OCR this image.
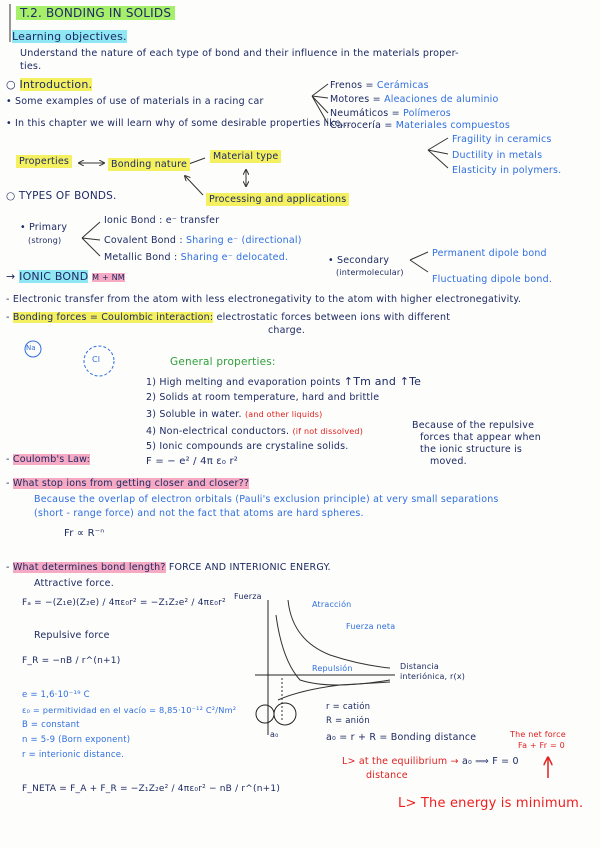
T.2. BONDING IN SOLIDS
Learning objectives.
Understand the nature of each type of bond and their influence in the materials proper-
ties.
○ Introduction.
• Some examples of use of materials in a racing car
• In this chapter we will learn why of some desirable properties like...
Frenos = Cerámicas
Motores = Aleaciones de aluminio
Neumáticos = Polímeros
Carrocería = Materiales compuestos
Fragility in ceramics
Ductility in metals
Elasticity in polymers.
Properties	Bonding nature
Material type
Processing and applications
○ TYPES OF BONDS.
• Primary
(strong)
Ionic Bond : e⁻ transfer
Covalent Bond : Sharing e⁻ (directional)
Metallic Bond : Sharing e⁻ delocated.	• Secondary
(intermolecular)
Permanent dipole bond
Fluctuating dipole bond.
→ IONIC BOND M + NM
- Electronic transfer from the atom with less electronegativity to the atom with higher electronegativity.
- Bonding forces = Coulombic interaction: electrostatic forces between ions with different
charge.
Na
Cl	General properties:
1) High melting and evaporation points ↑Tm and ↑Te
2) Solids at room temperature, hard and brittle
3) Soluble in water. (and other liquids)
4) Non-electrical conductors. (if not dissolved)
5) Ionic compounds are crystaline solids.
Because of the repulsive
forces that appear when
the ionic structure is
moved.
- Coulomb's Law:	F = − e² / 4π ε₀ r²
- What stop ions from getting closer and closer??
Because the overlap of electron orbitals (Pauli's exclusion principle) at very small separations
(short - range force) and not the fact that atoms are hard spheres.
Fr ∝ R⁻ⁿ
- What determines bond length? FORCE AND INTERIONIC ENERGY.
Attractive force.
Fₐ = −(Z₁e)(Z₂e) / 4πε₀r² = −Z₁Z₂e² / 4πε₀r²
Repulsive force
F_R = −nB / r^(n+1)
e = 1,6·10⁻¹⁹ C
ε₀ = permitividad en el vacío = 8,85·10⁻¹² C²/Nm²
B = constant
n = 5-9 (Born exponent)
r = interionic distance.
F_NETA = F_A + F_R = −Z₁Z₂e² / 4πε₀r² − nB / r^(n+1)
Fuerza
Atracción
Fuerza neta
Repulsión	Distancia
interiónica, r(x)
a₀
r = catión
R = anión
a₀ = r + R = Bonding distance
L> at the equilibrium → a₀ ⟹ F = 0
distance
The net force
Fa + Fr = 0
L> The energy is minimum.
